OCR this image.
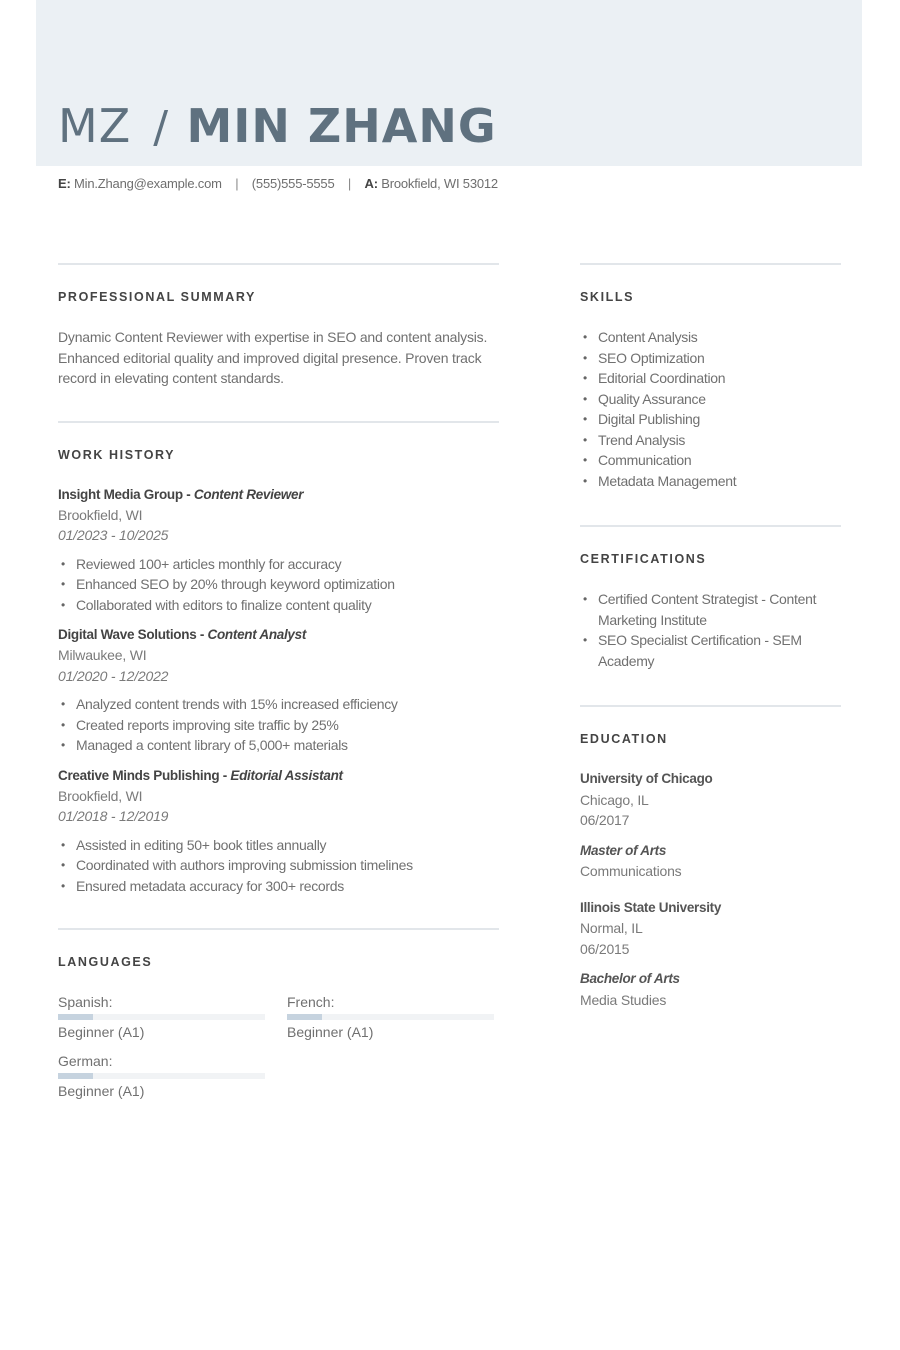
MZ / MIN ZHANG
E: Min.Zhang@example.com | (555)555-5555 | A: Brookfield, WI 53012
PROFESSIONAL SUMMARY

Dynamic Content Reviewer with expertise in SEO and content analysis. Enhanced editorial quality and improved digital presence. Proven track record in elevating content standards.

WORK HISTORY
Insight Media Group - Content Reviewer
Brookfield, WI
01/2023 - 10/2025
• Reviewed 100+ articles monthly for accuracy
• Enhanced SEO by 20% through keyword optimization
• Collaborated with editors to finalize content quality
Digital Wave Solutions - Content Analyst
Milwaukee, WI
01/2020 - 12/2022
• Analyzed content trends with 15% increased efficiency
• Created reports improving site traffic by 25%
• Managed a content library of 5,000+ materials
Creative Minds Publishing - Editorial Assistant
Brookfield, WI
01/2018 - 12/2019
• Assisted in editing 50+ book titles annually
• Coordinated with authors improving submission timelines
• Ensured metadata accuracy for 300+ records
LANGUAGES
Spanish:
Beginner (A1)
French:
Beginner (A1)
German:
Beginner (A1)
SKILLS
• Content Analysis
• SEO Optimization
• Editorial Coordination
• Quality Assurance
• Digital Publishing
• Trend Analysis
• Communication
• Metadata Management
CERTIFICATIONS
• Certified Content Strategist - Content Marketing Institute
• SEO Specialist Certification - SEM Academy
EDUCATION
University of Chicago
Chicago, IL
06/2017
Master of Arts
Communications
Illinois State University
Normal, IL
06/2015
Bachelor of Arts
Media Studies
